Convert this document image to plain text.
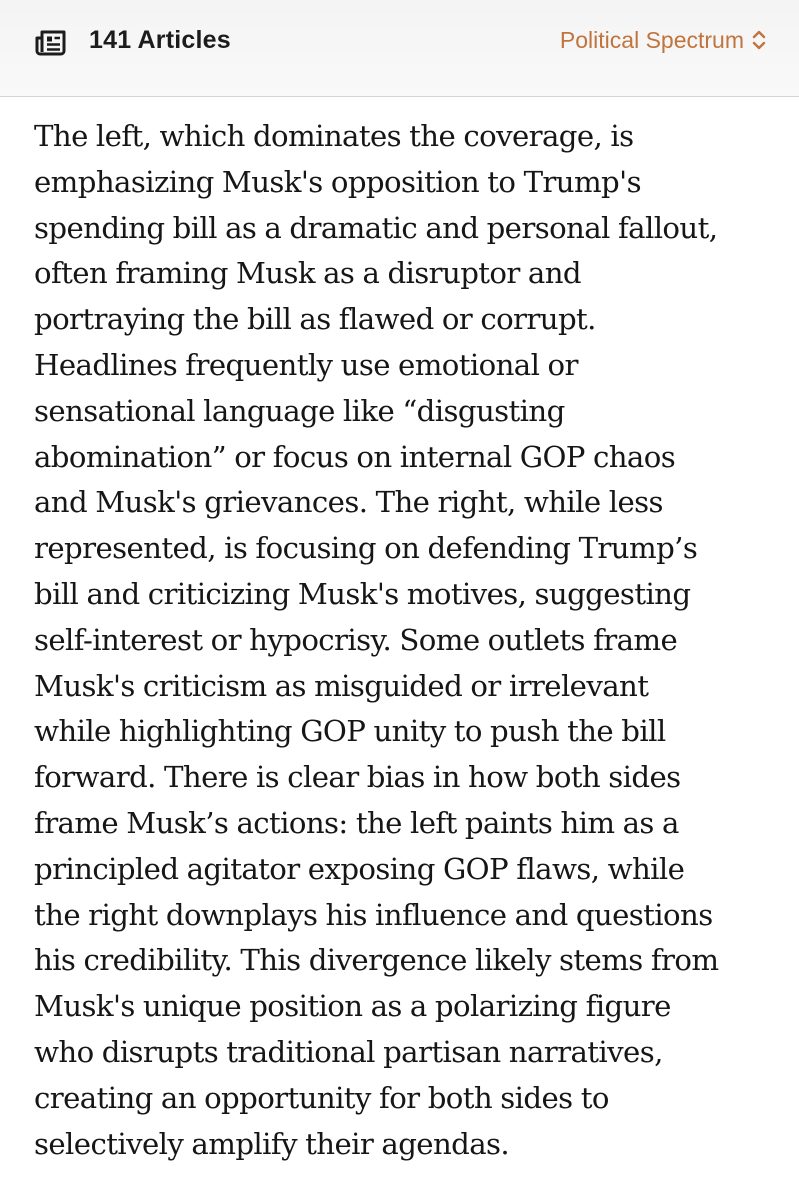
141 Articles	Political Spectrum

The left, which dominates the coverage, is
emphasizing Musk's opposition to Trump's
spending bill as a dramatic and personal fallout,
often framing Musk as a disruptor and
portraying the bill as flawed or corrupt.
Headlines frequently use emotional or
sensational language like “disgusting
abomination” or focus on internal GOP chaos
and Musk's grievances. The right, while less
represented, is focusing on defending Trump’s
bill and criticizing Musk's motives, suggesting
self-interest or hypocrisy. Some outlets frame
Musk's criticism as misguided or irrelevant
while highlighting GOP unity to push the bill
forward. There is clear bias in how both sides
frame Musk’s actions: the left paints him as a
principled agitator exposing GOP flaws, while
the right downplays his influence and questions
his credibility. This divergence likely stems from
Musk's unique position as a polarizing figure
who disrupts traditional partisan narratives,
creating an opportunity for both sides to
selectively amplify their agendas.
